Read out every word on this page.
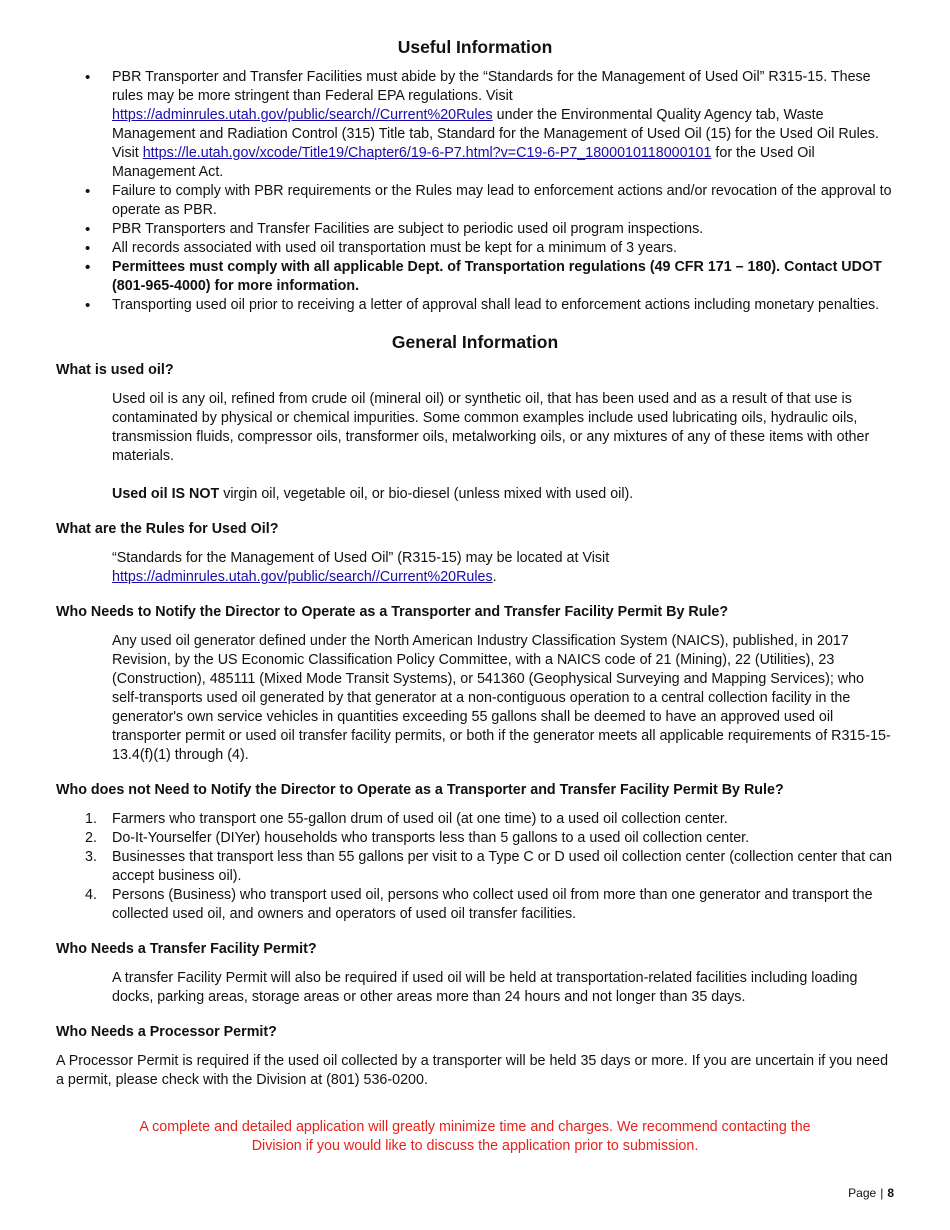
Useful Information
• PBR Transporter and Transfer Facilities must abide by the “Standards for the Management of Used Oil” R315-15. These rules may be more stringent than Federal EPA regulations. Visit https://adminrules.utah.gov/public/search//Current%20Rules under the Environmental Quality Agency tab, Waste Management and Radiation Control (315) Title tab, Standard for the Management of Used Oil (15) for the Used Oil Rules. Visit https://le.utah.gov/xcode/Title19/Chapter6/19-6-P7.html?v=C19-6-P7_1800010118000101 for the Used Oil Management Act.
• Failure to comply with PBR requirements or the Rules may lead to enforcement actions and/or revocation of the approval to operate as PBR.
• PBR Transporters and Transfer Facilities are subject to periodic used oil program inspections.
• All records associated with used oil transportation must be kept for a minimum of 3 years.
• Permittees must comply with all applicable Dept. of Transportation regulations (49 CFR 171 – 180). Contact UDOT (801-965-4000) for more information.
• Transporting used oil prior to receiving a letter of approval shall lead to enforcement actions including monetary penalties.
General Information
What is used oil?

Used oil is any oil, refined from crude oil (mineral oil) or synthetic oil, that has been used and as a result of that use is contaminated by physical or chemical impurities. Some common examples include used lubricating oils, hydraulic oils, transmission fluids, compressor oils, transformer oils, metalworking oils, or any mixtures of any of these items with other materials.

Used oil IS NOT virgin oil, vegetable oil, or bio-diesel (unless mixed with used oil).

What are the Rules for Used Oil?

“Standards for the Management of Used Oil” (R315-15) may be located at Visit https://adminrules.utah.gov/public/search//Current%20Rules.

Who Needs to Notify the Director to Operate as a Transporter and Transfer Facility Permit By Rule?

Any used oil generator defined under the North American Industry Classification System (NAICS), published, in 2017 Revision, by the US Economic Classification Policy Committee, with a NAICS code of 21 (Mining), 22 (Utilities), 23 (Construction), 485111 (Mixed Mode Transit Systems), or 541360 (Geophysical Surveying and Mapping Services); who self-transports used oil generated by that generator at a non-contiguous operation to a central collection facility in the generator's own service vehicles in quantities exceeding 55 gallons shall be deemed to have an approved used oil transporter permit or used oil transfer facility permits, or both if the generator meets all applicable requirements of R315-15-13.4(f)(1) through (4).

Who does not Need to Notify the Director to Operate as a Transporter and Transfer Facility Permit By Rule?
1. Farmers who transport one 55-gallon drum of used oil (at one time) to a used oil collection center.
2. Do-It-Yourselfer (DIYer) households who transports less than 5 gallons to a used oil collection center.
3. Businesses that transport less than 55 gallons per visit to a Type C or D used oil collection center (collection center that can accept business oil).
4. Persons (Business) who transport used oil, persons who collect used oil from more than one generator and transport the collected used oil, and owners and operators of used oil transfer facilities.
Who Needs a Transfer Facility Permit?

A transfer Facility Permit will also be required if used oil will be held at transportation-related facilities including loading docks, parking areas, storage areas or other areas more than 24 hours and not longer than 35 days.

Who Needs a Processor Permit?

A Processor Permit is required if the used oil collected by a transporter will be held 35 days or more. If you are uncertain if you need a permit, please check with the Division at (801) 536-0200.

A complete and detailed application will greatly minimize time and charges. We recommend contacting the Division if you would like to discuss the application prior to submission.

Page | 8
